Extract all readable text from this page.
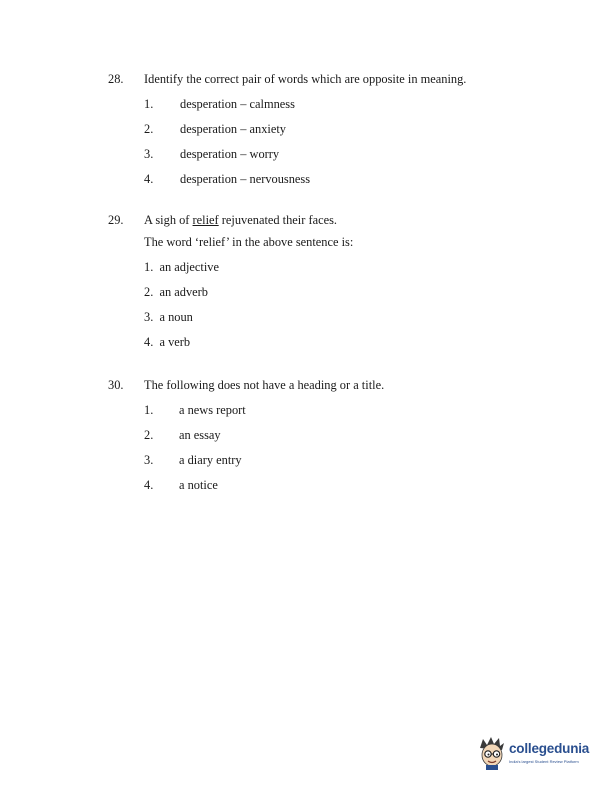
28. Identify the correct pair of words which are opposite in meaning.
1. desperation – calmness
2. desperation – anxiety
3. desperation – worry
4. desperation – nervousness
29. A sigh of relief rejuvenated their faces.
The word ‘relief’ in the above sentence is:
1.  an adjective
2.  an adverb
3.  a noun
4.  a verb
30. The following does not have a heading or a title.
1. a news report
2. an essay
3. a diary entry
4. a notice
collegedunia
India's largest Student Review Platform
